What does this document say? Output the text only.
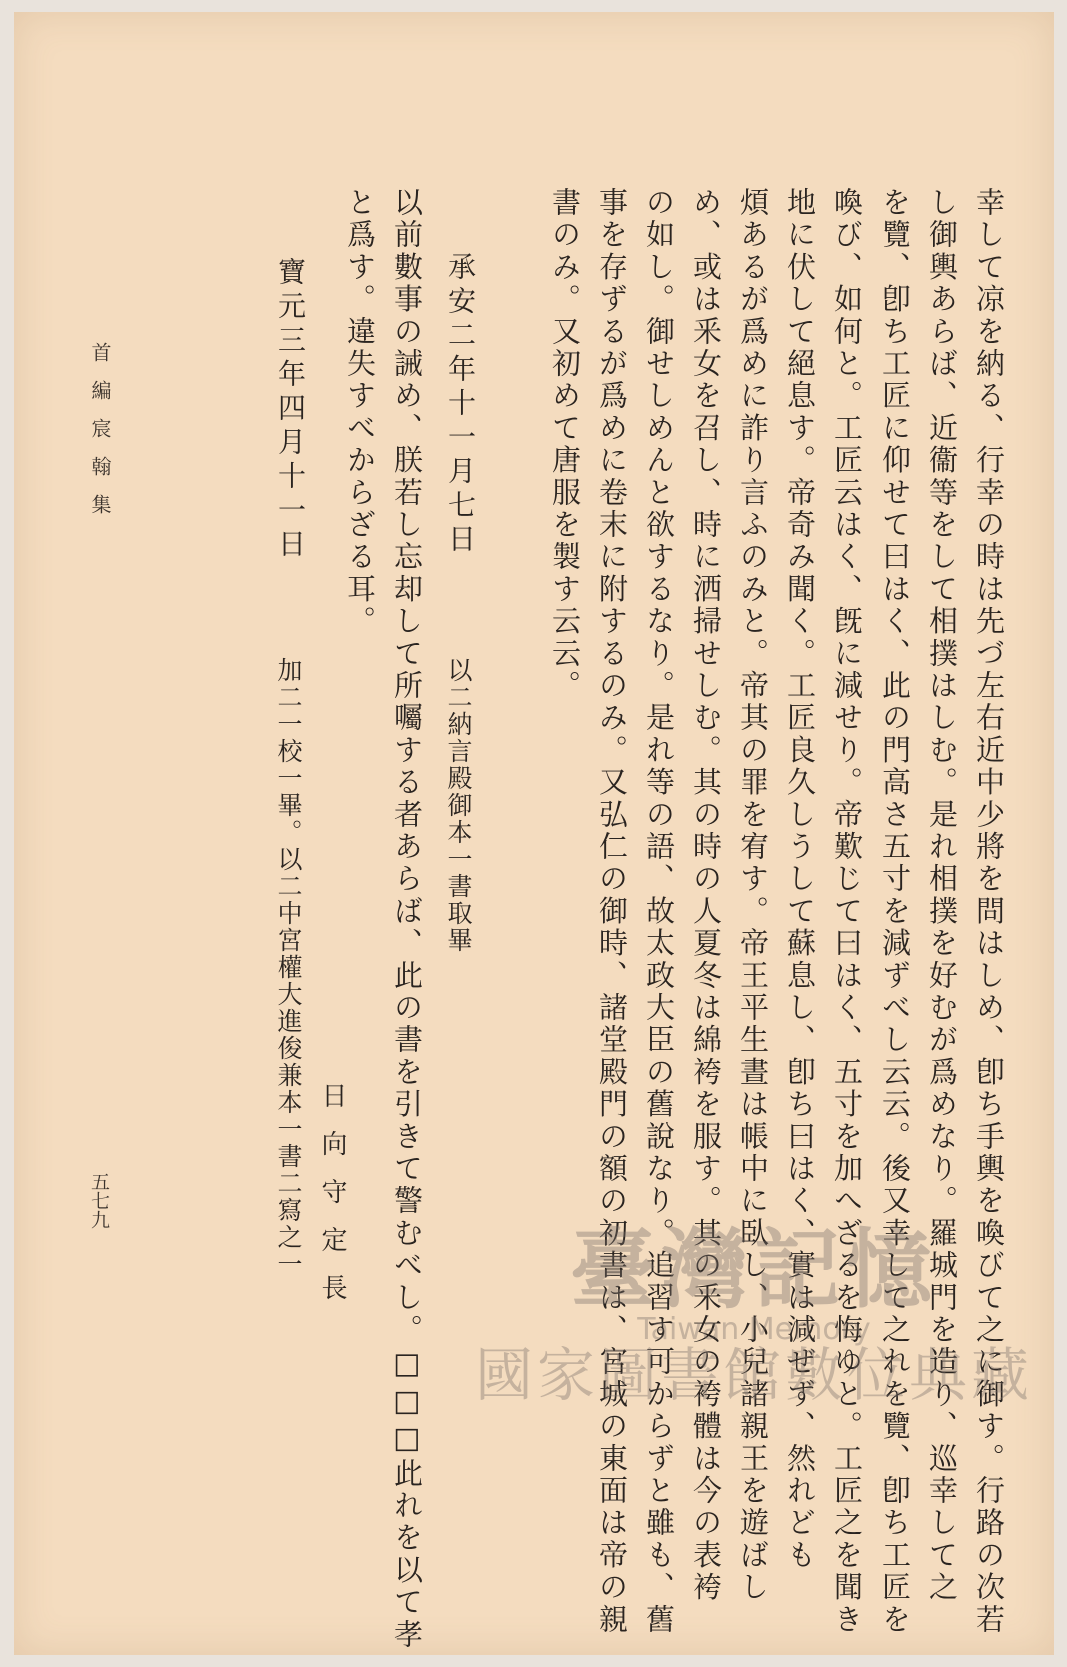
幸して凉を納る、行幸の時は先づ左右近中少將を問はしめ、卽ち手輿を喚びて之に御す。行路の次若
し御輿あらば、近衞等をして相撲はしむ。是れ相撲を好むが爲めなり。羅城門を造り、巡幸して之
を覽、卽ち工匠に仰せて曰はく、此の門高さ五寸を減ずべし云云。後又幸して之れを覽、卽ち工匠を
喚び、如何と。工匠云はく、旣に減せり。帝歎じて曰はく、五寸を加へざるを悔ゆと。工匠之を聞き
地に伏して絕息す。帝奇み聞く。工匠良久しうして蘇息し、卽ち曰はく、實は減ぜず、然れども
煩あるが爲めに詐り言ふのみと。帝其の罪を宥す。帝王平生晝は帳中に臥し、小兒諸親王を遊ばし
め、或は釆女を召し、時に洒掃せしむ。其の時の人夏冬は綿袴を服す。其の釆女の袴體は今の表袴
の如し。御せしめんと欲するなり。是れ等の語、故太政大臣の舊說なり。追習す可からずと雖も、舊
事を存ずるが爲めに卷末に附するのみ。又弘仁の御時、諸堂殿門の額の初書は、宮城の東面は帝の親
書のみ。又初めて唐服を製す云云。
承安二年十一月七日
以二納言殿御本一書取畢
以前數事の誡め、朕若し忘却して所囑する者あらば、此の書を引きて警むべし。□□□此れを以て孝
と爲す。違失すべからざる耳。
寶元三年四月十一日
加二一校一畢。以二中宮權大進俊兼本一書二寫之一 日向守定長
首編宸翰集
五七九
臺灣記憶
Taiwan Memory
國家圖書館數位典藏
